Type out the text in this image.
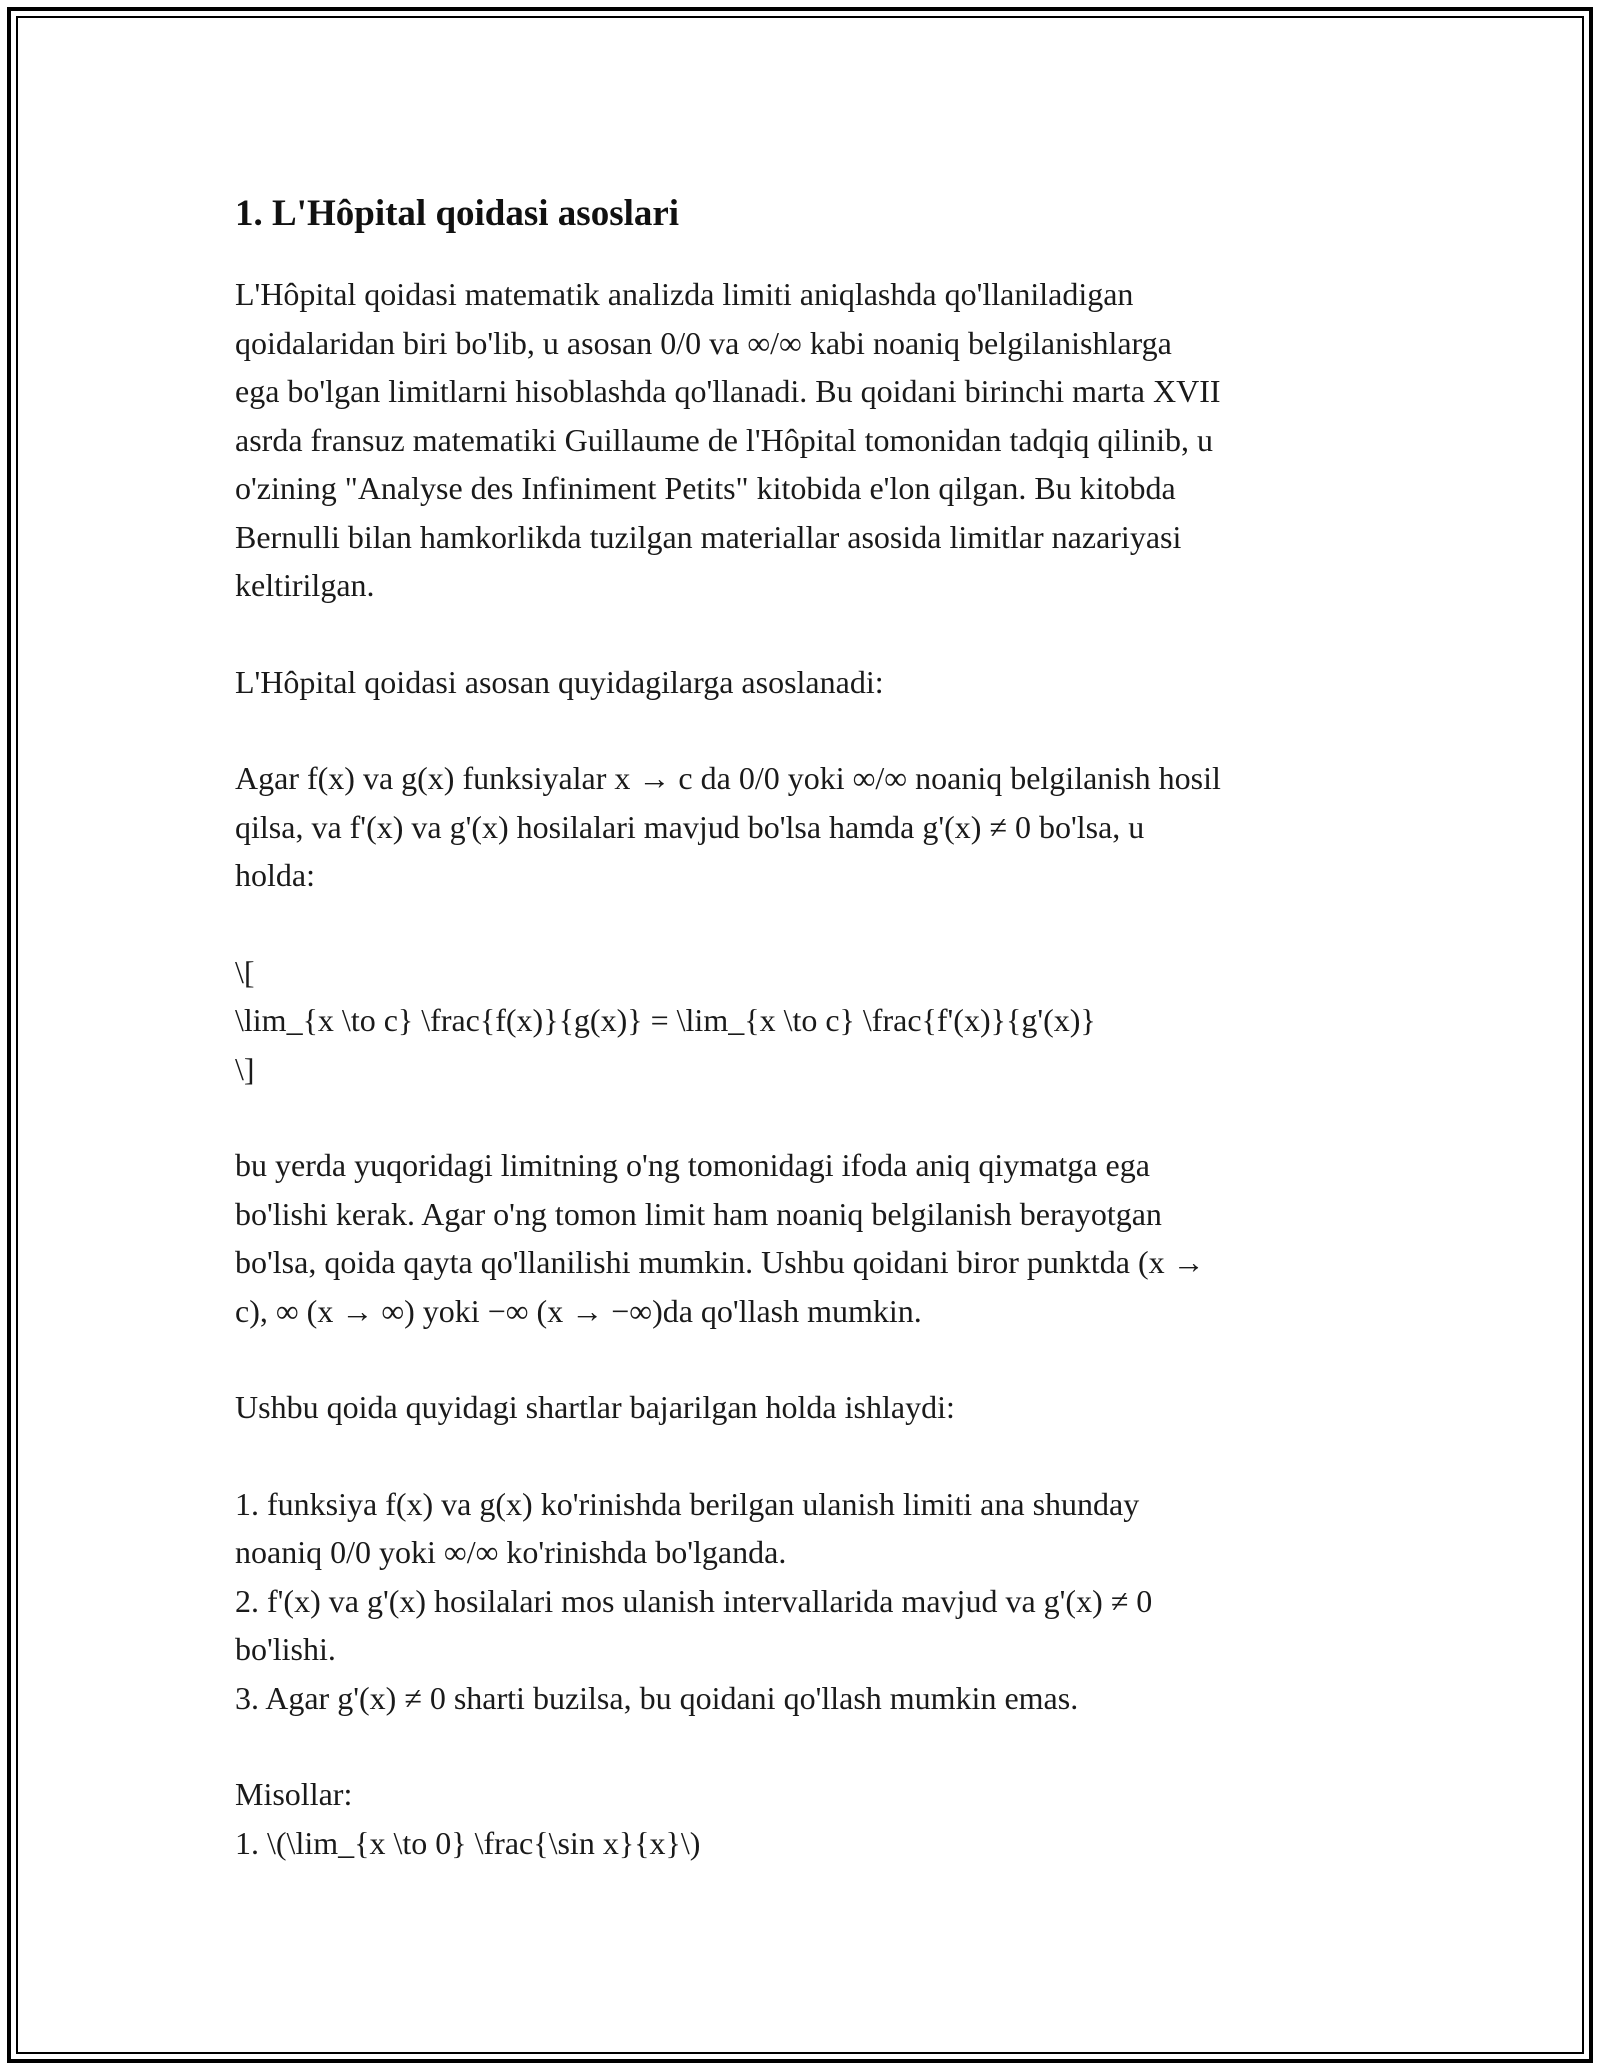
1. L'Hôpital qoidasi asoslari

L'Hôpital qoidasi matematik analizda limiti aniqlashda qo'llaniladigan
qoidalaridan biri bo'lib, u asosan 0/0 va ∞/∞ kabi noaniq belgilanishlarga
ega bo'lgan limitlarni hisoblashda qo'llanadi. Bu qoidani birinchi marta XVII
asrda fransuz matematiki Guillaume de l'Hôpital tomonidan tadqiq qilinib, u
o'zining "Analyse des Infiniment Petits" kitobida e'lon qilgan. Bu kitobda
Bernulli bilan hamkorlikda tuzilgan materiallar asosida limitlar nazariyasi
keltirilgan.

L'Hôpital qoidasi asosan quyidagilarga asoslanadi:

Agar f(x) va g(x) funksiyalar x → c da 0/0 yoki ∞/∞ noaniq belgilanish hosil
qilsa, va f'(x) va g'(x) hosilalari mavjud bo'lsa hamda g'(x) ≠ 0 bo'lsa, u
holda:

\[
\lim_{x \to c} \frac{f(x)}{g(x)} = \lim_{x \to c} \frac{f'(x)}{g'(x)}
\]

bu yerda yuqoridagi limitning o'ng tomonidagi ifoda aniq qiymatga ega
bo'lishi kerak. Agar o'ng tomon limit ham noaniq belgilanish berayotgan
bo'lsa, qoida qayta qo'llanilishi mumkin. Ushbu qoidani biror punktda (x →
c), ∞ (x → ∞) yoki −∞ (x → −∞)da qo'llash mumkin.

Ushbu qoida quyidagi shartlar bajarilgan holda ishlaydi:

1. funksiya f(x) va g(x) ko'rinishda berilgan ulanish limiti ana shunday
noaniq 0/0 yoki ∞/∞ ko'rinishda bo'lganda.
2. f'(x) va g'(x) hosilalari mos ulanish intervallarida mavjud va g'(x) ≠ 0
bo'lishi.
3. Agar g'(x) ≠ 0 sharti buzilsa, bu qoidani qo'llash mumkin emas.

Misollar:
1. \(\lim_{x \to 0} \frac{\sin x}{x}\)
